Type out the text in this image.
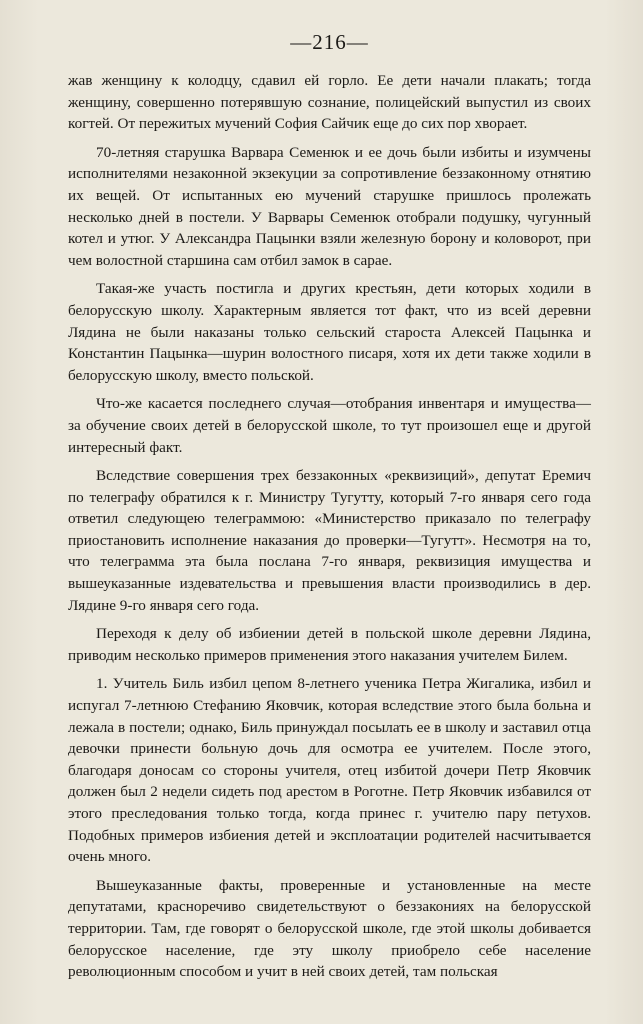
—216—

жав женщину к колодцу, сдавил ей горло. Ее дети начали плакать; тогда женщину, совершенно потерявшую сознание, полицейский выпустил из своих когтей. От пережитых мучений София Сайчик еще до сих пор хворает.

70-летняя старушка Варвара Семенюк и ее дочь были избиты и изумчены исполнителями незаконной экзекуции за сопротивление беззаконному отнятию их вещей. От испытанных ею мучений старушке пришлось пролежать несколько дней в постели. У Варвары Семенюк отобрали подушку, чугунный котел и утюг. У Александра Пацынки взяли железную борону и коловорот, при чем волостной старшина сам отбил замок в сарае.

Такая-же участь постигла и других крестьян, дети которых ходили в белорусскую школу. Характерным является тот факт, что из всей деревни Лядина не были наказаны только сельский староста Алексей Пацынка и Константин Пацынка—шурин волостного писаря, хотя их дети также ходили в белорусскую школу, вместо польской.

Что-же касается последнего случая—отобрания инвентаря и имущества—за обучение своих детей в белорусской школе, то тут произошел еще и другой интересный факт.

Вследствие совершения трех беззаконных «реквизиций», депутат Еремич по телеграфу обратился к г. Министру Тугутту, который 7-го января сего года ответил следующею телеграммою: «Министерство приказало по телеграфу приостановить исполнение наказания до проверки—Тугутт». Несмотря на то, что телеграмма эта была послана 7-го января, реквизиция имущества и вышеуказанные издевательства и превышения власти производились в дер. Лядине 9-го января сего года.

Переходя к делу об избиении детей в польской школе деревни Лядина, приводим несколько примеров применения этого наказания учителем Билем.

1. Учитель Биль избил цепом 8-летнего ученика Петра Жигалика, избил и испугал 7-летнюю Стефанию Яковчик, которая вследствие этого была больна и лежала в постели; однако, Биль принуждал посылать ее в школу и заставил отца девочки принести больную дочь для осмотра ее учителем. После этого, благодаря доносам со стороны учителя, отец избитой дочери Петр Яковчик должен был 2 недели сидеть под арестом в Роготне. Петр Яковчик избавился от этого преследования только тогда, когда принес г. учителю пару петухов. Подобных примеров избиения детей и эксплоатации родителей насчитывается очень много.

Вышеуказанные факты, проверенные и установленные на месте депутатами, красноречиво свидетельствуют о беззакониях на белорусской территории. Там, где говорят о белорусской школе, где этой школы добивается белорусское население, где эту школу приобрело себе население революционным способом и учит в ней своих детей, там польская
